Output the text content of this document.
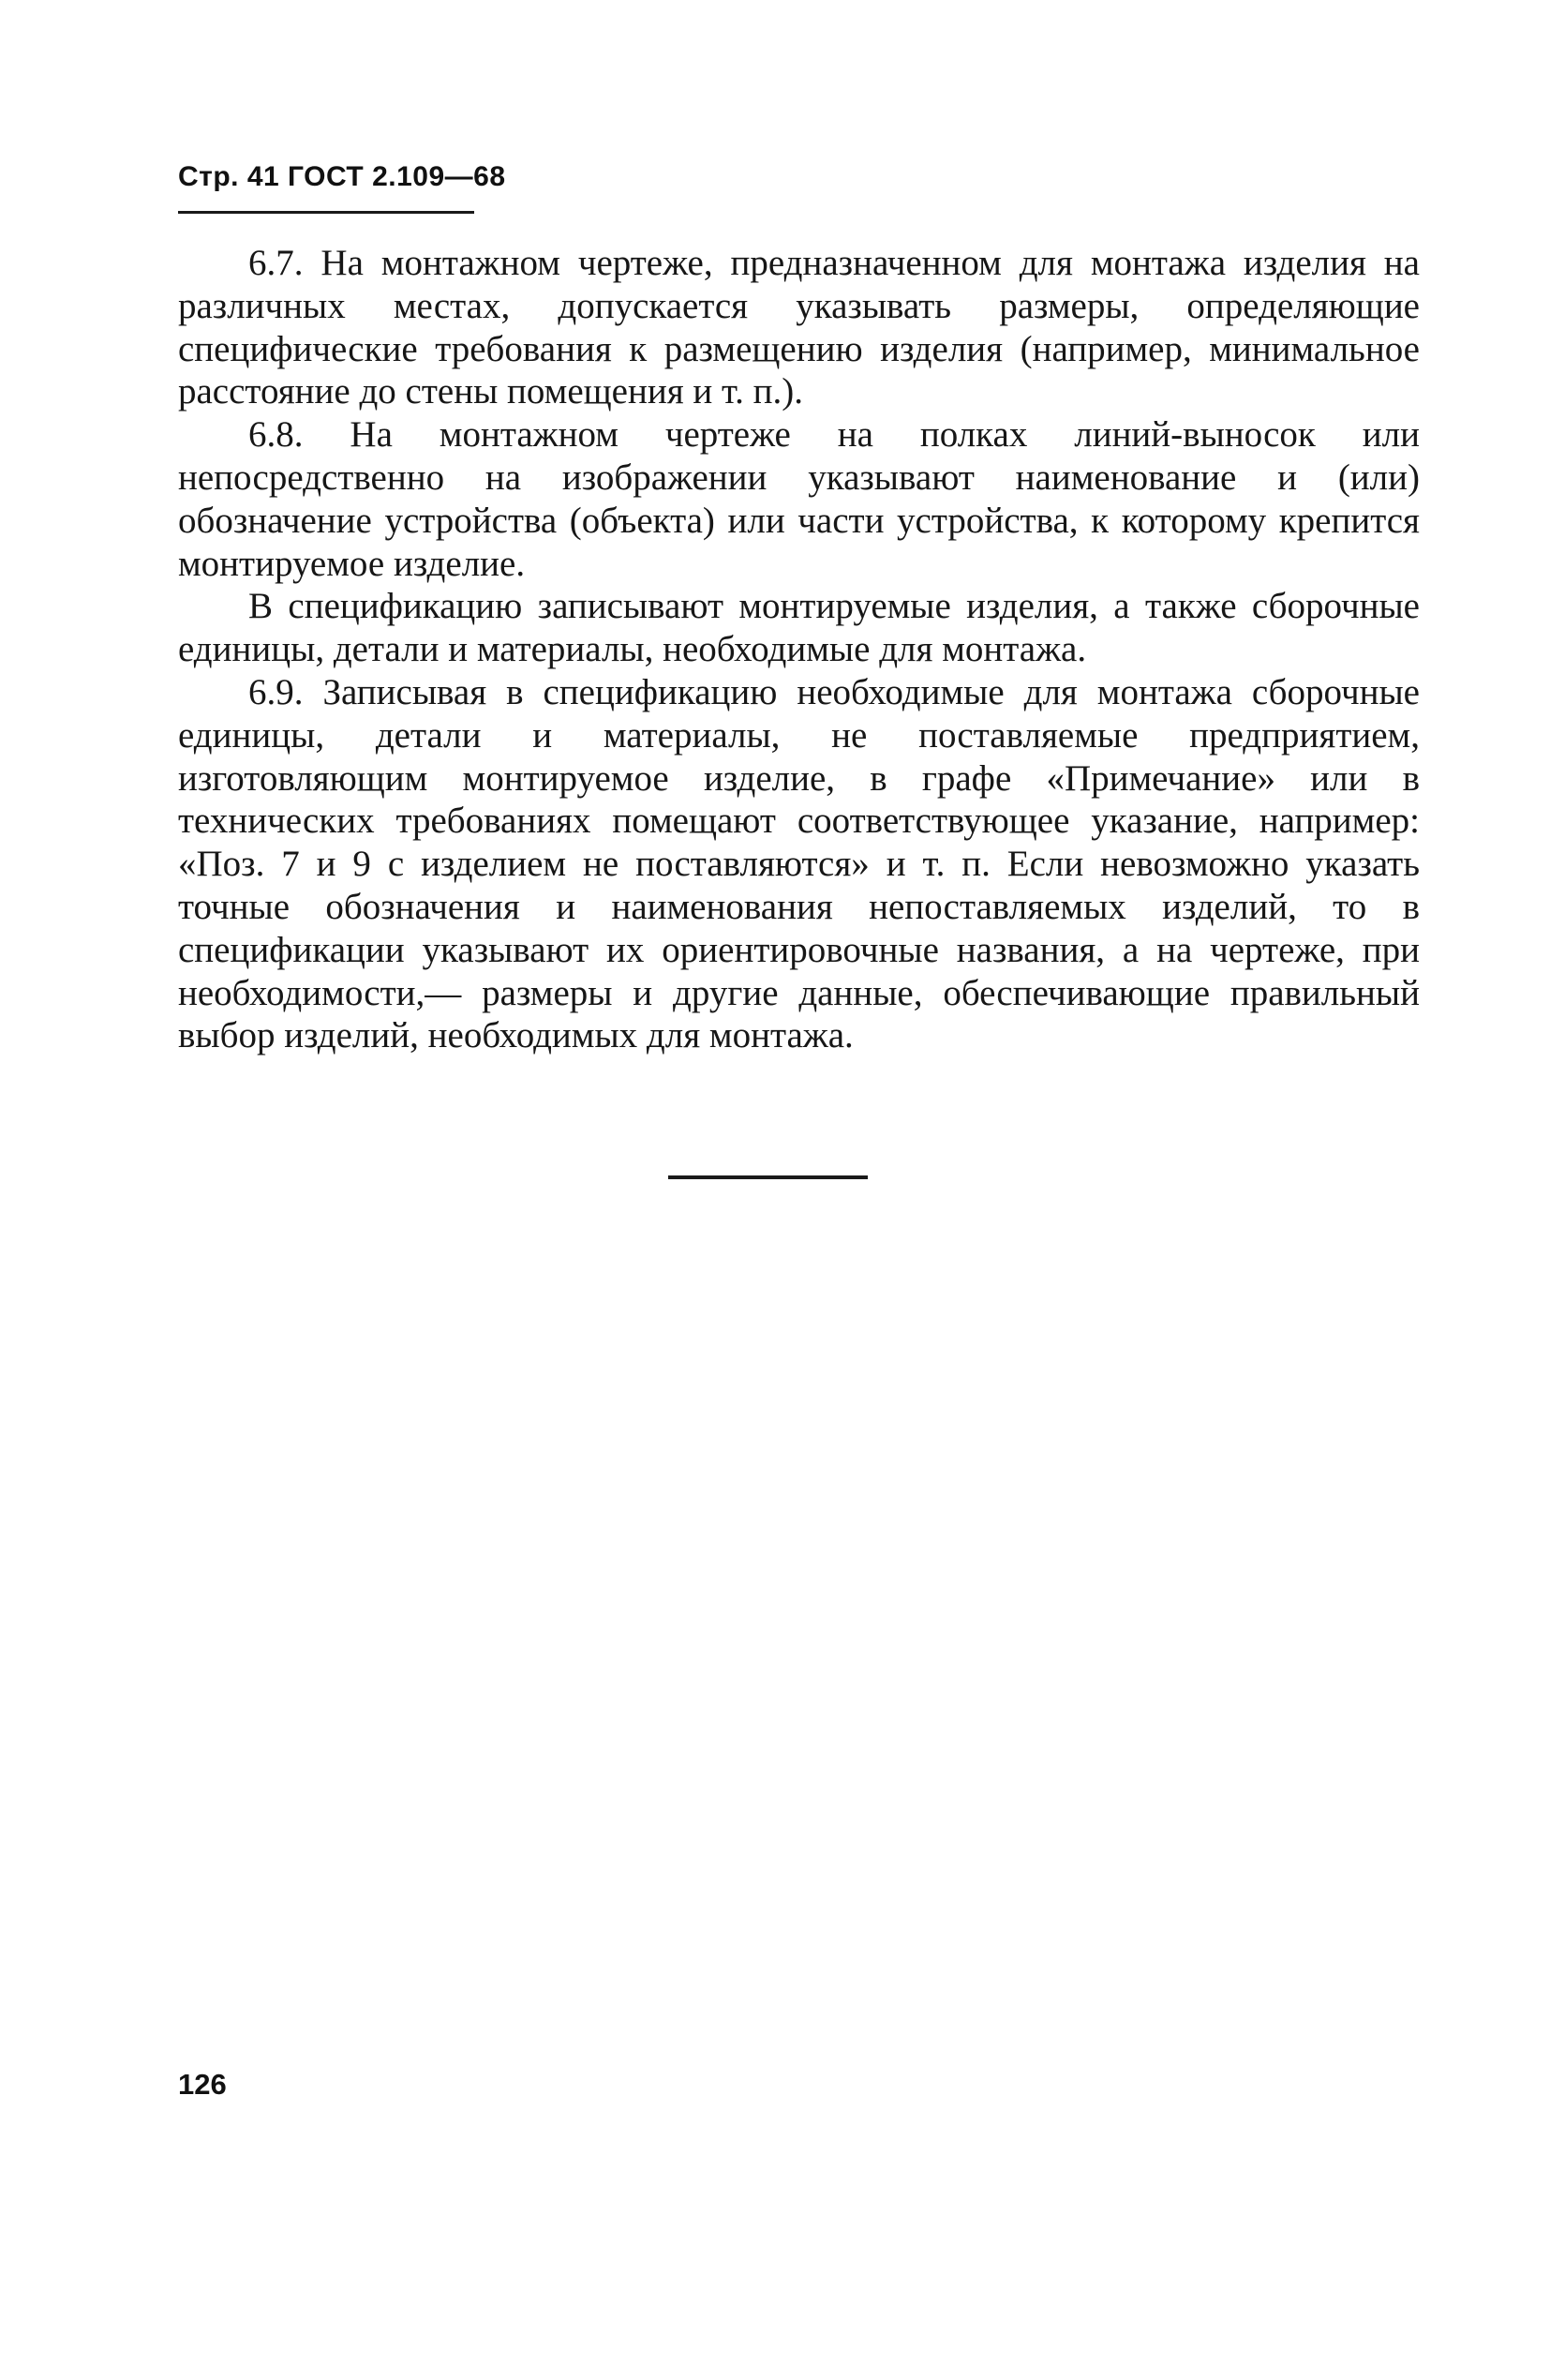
Стр. 41 ГОСТ 2.109—68

6.7. На монтажном чертеже, предназначенном для монтажа изделия на различных местах, допускается указывать размеры, определяющие специфические требования к размещению изделия (например, минимальное расстояние до стены помещения и т. п.).

6.8. На монтажном чертеже на полках линий-выносок или непосредственно на изображении указывают наименование и (или) обозначение устройства (объекта) или части устройства, к которому крепится монтируемое изделие.

В спецификацию записывают монтируемые изделия, а также сборочные единицы, детали и материалы, необходимые для монтажа.

6.9. Записывая в спецификацию необходимые для монтажа сборочные единицы, детали и материалы, не поставляемые предприятием, изготовляющим монтируемое изделие, в графе «Примечание» или в технических требованиях помещают соответствующее указание, например: «Поз. 7 и 9 с изделием не поставляются» и т. п. Если невозможно указать точные обозначения и наименования непоставляемых изделий, то в спецификации указывают их ориентировочные названия, а на чертеже, при необходимости,— размеры и другие данные, обеспечивающие правильный выбор изделий, необходимых для монтажа.

126
